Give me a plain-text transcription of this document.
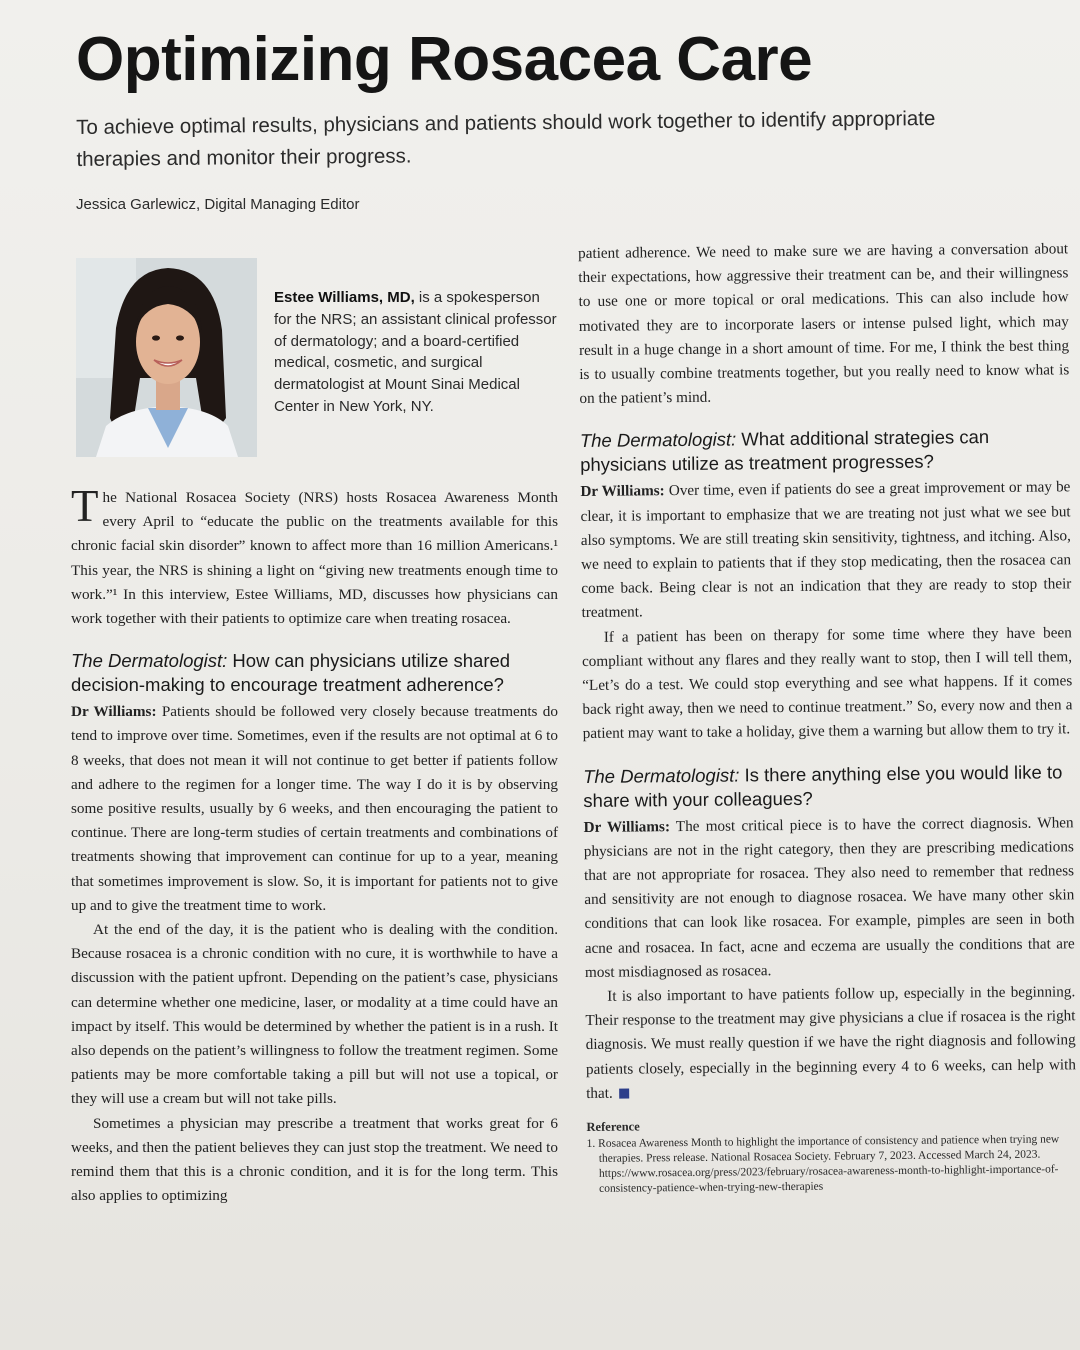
Optimizing Rosacea Care

To achieve optimal results, physicians and patients should work together to identify appropriate therapies and monitor their progress.

Jessica Garlewicz, Digital Managing Editor

Estee Williams, MD, is a spokesperson for the NRS; an assistant clinical professor of dermatology; and a board-certified medical, cosmetic, and surgical dermatologist at Mount Sinai Medical Center in New York, NY.

The National Rosacea Society (NRS) hosts Rosacea Awareness Month every April to “educate the public on the treatments available for this chronic facial skin disorder” known to affect more than 16 million Americans.¹ This year, the NRS is shining a light on “giving new treatments enough time to work.”¹ In this interview, Estee Williams, MD, discusses how physicians can work together with their patients to optimize care when treating rosacea.

The Dermatologist: How can physicians utilize shared decision-making to encourage treatment adherence?

Dr Williams: Patients should be followed very closely because treatments do tend to improve over time. Sometimes, even if the results are not optimal at 6 to 8 weeks, that does not mean it will not continue to get better if patients follow and adhere to the regimen for a longer time. The way I do it is by observing some positive results, usually by 6 weeks, and then encouraging the patient to continue. There are long-term studies of certain treatments and combinations of treatments showing that improvement can continue for up to a year, meaning that sometimes improvement is slow. So, it is important for patients not to give up and to give the treatment time to work.

At the end of the day, it is the patient who is dealing with the condition. Because rosacea is a chronic condition with no cure, it is worthwhile to have a discussion with the patient upfront. Depending on the patient’s case, physicians can determine whether one medicine, laser, or modality at a time could have an impact by itself. This would be determined by whether the patient is in a rush. It also depends on the patient’s willingness to follow the treatment regimen. Some patients may be more comfortable taking a pill but will not use a topical, or they will use a cream but will not take pills.

Sometimes a physician may prescribe a treatment that works great for 6 weeks, and then the patient believes they can just stop the treatment. We need to remind them that this is a chronic condition, and it is for the long term. This also applies to optimizing

patient adherence. We need to make sure we are having a conversation about their expectations, how aggressive their treatment can be, and their willingness to use one or more topical or oral medications. This can also include how motivated they are to incorporate lasers or intense pulsed light, which may result in a huge change in a short amount of time. For me, I think the best thing is to usually combine treatments together, but you really need to know what is on the patient’s mind.

The Dermatologist: What additional strategies can physicians utilize as treatment progresses?

Dr Williams: Over time, even if patients do see a great improvement or may be clear, it is important to emphasize that we are treating not just what we see but also symptoms. We are still treating skin sensitivity, tightness, and itching. Also, we need to explain to patients that if they stop medicating, then the rosacea can come back. Being clear is not an indication that they are ready to stop their treatment.

If a patient has been on therapy for some time where they have been compliant without any flares and they really want to stop, then I will tell them, “Let’s do a test. We could stop everything and see what happens. If it comes back right away, then we need to continue treatment.” So, every now and then a patient may want to take a holiday, give them a warning but allow them to try it.

The Dermatologist: Is there anything else you would like to share with your colleagues?

Dr Williams: The most critical piece is to have the correct diagnosis. When physicians are not in the right category, then they are prescribing medications that are not appropriate for rosacea. They also need to remember that redness and sensitivity are not enough to diagnose rosacea. We have many other skin conditions that can look like rosacea. For example, pimples are seen in both acne and rosacea. In fact, acne and eczema are usually the conditions that are most misdiagnosed as rosacea.

It is also important to have patients follow up, especially in the beginning. Their response to the treatment may give physicians a clue if rosacea is the right diagnosis. We must really question if we have the right diagnosis and following patients closely, especially in the beginning every 4 to 6 weeks, can help with that.

Reference
1. Rosacea Awareness Month to highlight the importance of consistency and patience when trying new therapies. Press release. National Rosacea Society. February 7, 2023. Accessed March 24, 2023. https://www.rosacea.org/press/2023/february/rosacea-awareness-month-to-highlight-importance-of-consistency-patience-when-trying-new-therapies
